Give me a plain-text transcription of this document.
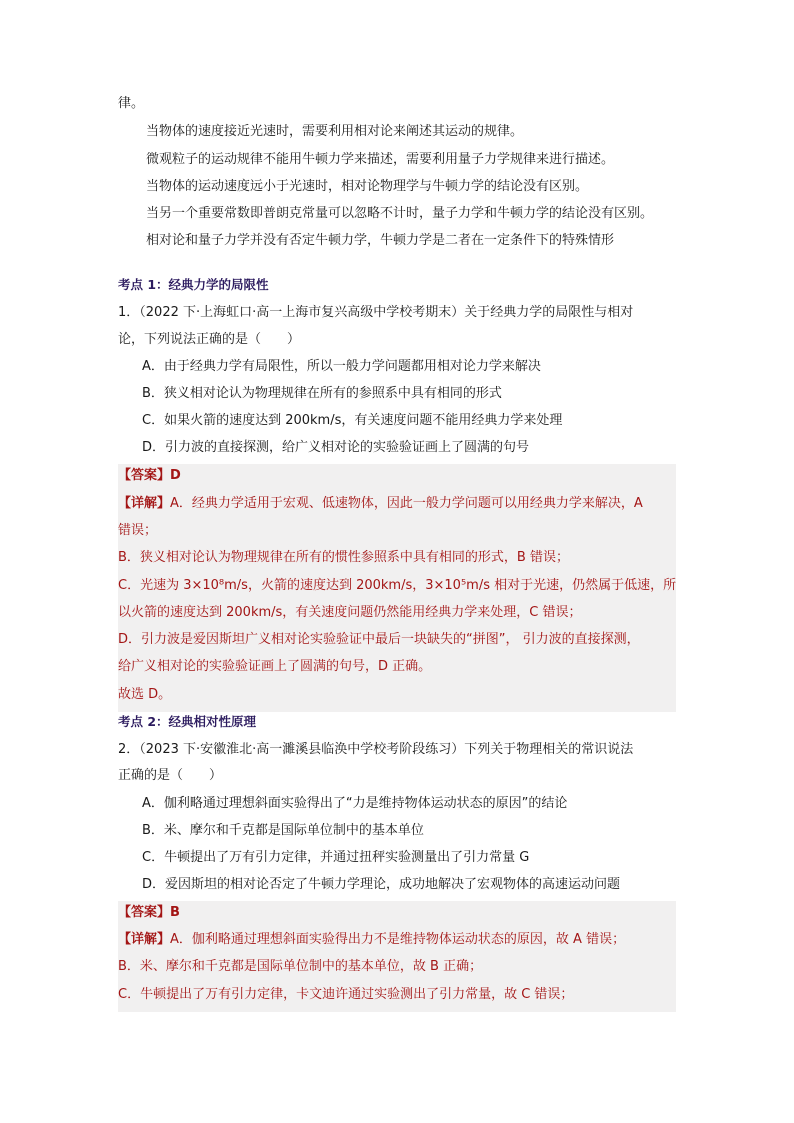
律。
当物体的速度接近光速时，需要利用相对论来阐述其运动的规律。
微观粒子的运动规律不能用牛顿力学来描述，需要利用量子力学规律来进行描述。
当物体的运动速度远小于光速时，相对论物理学与牛顿力学的结论没有区别。
当另一个重要常数即普朗克常量可以忽略不计时，量子力学和牛顿力学的结论没有区别。
相对论和量子力学并没有否定牛顿力学，牛顿力学是二者在一定条件下的特殊情形
考点 1：经典力学的局限性
1．（2022 下·上海虹口·高一上海市复兴高级中学校考期末）关于经典力学的局限性与相对
论，下列说法正确的是（　　）
A．由于经典力学有局限性，所以一般力学问题都用相对论力学来解决
B．狭义相对论认为物理规律在所有的参照系中具有相同的形式
C．如果火箭的速度达到 200km/s，有关速度问题不能用经典力学来处理
D．引力波的直接探测，给广义相对论的实验验证画上了圆满的句号
【答案】D
【详解】A．经典力学适用于宏观、低速物体，因此一般力学问题可以用经典力学来解决，A
错误；
B．狭义相对论认为物理规律在所有的惯性参照系中具有相同的形式，B 错误；
C．光速为 3×10⁸m/s，火箭的速度达到 200km/s，3×10⁵m/s 相对于光速，仍然属于低速，所
以火箭的速度达到 200km/s，有关速度问题仍然能用经典力学来处理，C 错误；
D．引力波是爱因斯坦广义相对论实验验证中最后一块缺失的“拼图”， 引力波的直接探测，
给广义相对论的实验验证画上了圆满的句号，D 正确。
故选 D。
考点 2：经典相对性原理
2．（2023 下·安徽淮北·高一濉溪县临涣中学校考阶段练习）下列关于物理相关的常识说法
正确的是（　　）
A．伽利略通过理想斜面实验得出了“力是维持物体运动状态的原因”的结论
B．米、摩尔和千克都是国际单位制中的基本单位
C．牛顿提出了万有引力定律，并通过扭秤实验测量出了引力常量 G
D．爱因斯坦的相对论否定了牛顿力学理论，成功地解决了宏观物体的高速运动问题
【答案】B
【详解】A．伽利略通过理想斜面实验得出力不是维持物体运动状态的原因，故 A 错误；
B．米、摩尔和千克都是国际单位制中的基本单位，故 B 正确；
C．牛顿提出了万有引力定律，卡文迪许通过实验测出了引力常量，故 C 错误；
